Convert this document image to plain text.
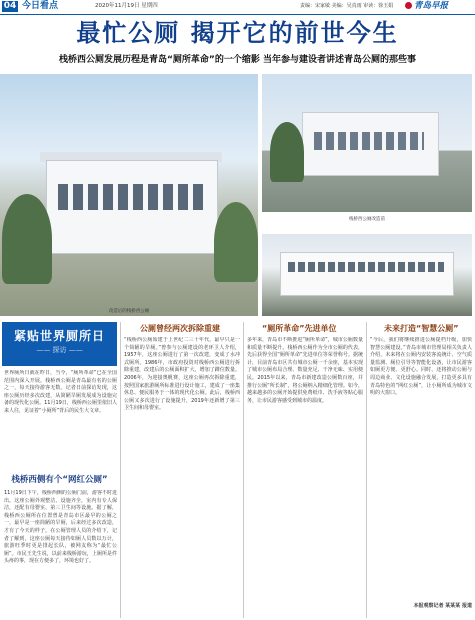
04 今日看点	2020年11月19日 星期四	责编：宋家敏 美编：吴真雨 审读：徐玉娟	青岛早报
最忙公厕 揭开它的前世今生
栈桥西公厕发展历程是青岛“厕所革命”的一个缩影 当年参与建设者讲述青岛公厕的那些事
改造后的栈桥西公厕
栈桥西公厕改造前
紧贴世界厕所日
—— 探访 ——
世界厕所日就在昨日，当今，“厕所革命”已在全国范围内深入开展。栈桥西公厕是青岛最有名的公厕之一，每天接待游客无数。记者日前探访发现，这座公厕历经多次改建，从简陋旱厕发展成为设施完备的现代化公厕。11月19日，栈桥西公厕里依旧人来人往，见证着“小厕所”背后的民生大文章。
栈桥西侧有个“网红公厕”
11月19日下午，栈桥西侧的公厕门前，游客不时进出。这座公厕外观整洁，设施齐全，室内有专人保洁，还配有母婴室、第三卫生间等设施。据了解，栈桥西公厕所在位置曾是青岛市区最早的公厕之一，最早是一座简陋的旱厕，后来经过多次改造，才有了今天的样子。在公厕管理人员的介绍下，记者了解到，这座公厕每天接待如厕人员数以万计，旅游旺季时更是排起长队，被网友称为“最忙公厕”。市民王先生说，以前来栈桥游玩，上厕所是件头疼的事，现在方便多了，环境也好了。
公厕曾经两次拆除重建
“栈桥西公厕始建于上世纪二三十年代，最早只是一个简陋的旱厕。”曾参与公厕建设的老环卫人介绍，1957年，这座公厕进行了第一次改建，变成了水冲式厕所。1986年，市政府投资对栈桥西公厕进行拆除重建，改建后的公厕面积扩大，增加了蹲位数量。2006年，为迎接奥帆赛，这座公厕再次拆除重建，按照国家旅游厕所标准进行设计施工，建成了一座集休息、便民服务于一体的现代化公厕。此后，栈桥西公厕又多次进行了设施提升，2019年还新增了第三卫生间和母婴室。
“厕所革命”先进单位
多年来，青岛市不断推进“厕所革命”，城市公厕数量和质量不断提升。栈桥西公厕作为全市公厕的代表，先后获得全国“厕所革命”先进单位等荣誉称号。据统计，目前青岛市区共有城市公厕一千余座，基本实现了城市公厕布局合理、数量充足、干净无味、实用便民。2015年以来，青岛市新建改造公厕数百座，并推行公厕“所长制”，将公厕纳入精细化管理。如今，越来越多的公厕开始提供免费纸巾、洗手液等贴心服务，让市民游客感受到城市的温度。
未来打造“智慧公厕”
“今后，我们将继续推进公厕提档升级，加快智慧公厕建设。”青岛市城市管理局相关负责人介绍，未来将在公厕内安装客流统计、空气质量监测、厕位引导等智能化设备，让市民游客如厕更方便、更舒心。同时，还将推动公厕与周边商业、文化设施融合发展，打造更多具有青岛特色的“网红公厕”，让小厕所成为城市文明的大窗口。
本报观察记者 某某某 报道
